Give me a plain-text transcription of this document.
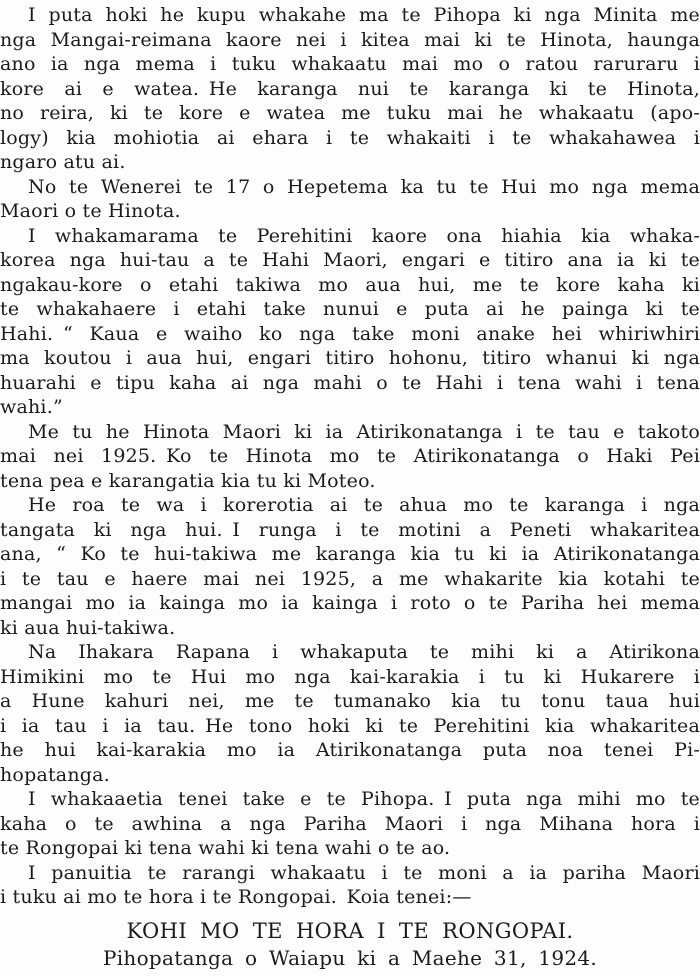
I puta hoki he kupu whakahe ma te Pihopa ki nga Minita me
nga Mangai-reimana kaore nei i kitea mai ki te Hinota, haunga
ano ia nga mema i tuku whakaatu mai mo o ratou raruraru i
kore ai e watea. He karanga nui te karanga ki te Hinota,
no reira, ki te kore e watea me tuku mai he whakaatu (apo-
logy) kia mohiotia ai ehara i te whakaiti i te whakahawea i
ngaro atu ai.

No te Wenerei te 17 o Hepetema ka tu te Hui mo nga mema
Maori o te Hinota.

I whakamarama te Perehitini kaore ona hiahia kia whaka-
korea nga hui-tau a te Hahi Maori, engari e titiro ana ia ki te
ngakau-kore o etahi takiwa mo aua hui, me te kore kaha ki
te whakahaere i etahi take nunui e puta ai he painga ki te
Hahi. “ Kaua e waiho ko nga take moni anake hei whiriwhiri
ma koutou i aua hui, engari titiro hohonu, titiro whanui ki nga
huarahi e tipu kaha ai nga mahi o te Hahi i tena wahi i tena
wahi.”

Me tu he Hinota Maori ki ia Atirikonatanga i te tau e takoto
mai nei 1925. Ko te Hinota mo te Atirikonatanga o Haki Pei
tena pea e karangatia kia tu ki Moteo.

He roa te wa i korerotia ai te ahua mo te karanga i nga
tangata ki nga hui. I runga i te motini a Peneti whakaritea
ana, “ Ko te hui-takiwa me karanga kia tu ki ia Atirikonatanga
i te tau e haere mai nei 1925, a me whakarite kia kotahi te
mangai mo ia kainga mo ia kainga i roto o te Pariha hei mema
ki aua hui-takiwa.

Na Ihakara Rapana i whakaputa te mihi ki a Atirikona
Himikini mo te Hui mo nga kai-karakia i tu ki Hukarere i
a Hune kahuri nei, me te tumanako kia tu tonu taua hui
i ia tau i ia tau. He tono hoki ki te Perehitini kia whakaritea
he hui kai-karakia mo ia Atirikonatanga puta noa tenei Pi-
hopatanga.

I whakaaetia tenei take e te Pihopa. I puta nga mihi mo te
kaha o te awhina a nga Pariha Maori i nga Mihana hora i
te Rongopai ki tena wahi ki tena wahi o te ao.

I panuitia te rarangi whakaatu i te moni a ia pariha Maori
i tuku ai mo te hora i te Rongopai. Koia tenei:—

KOHI MO TE HORA I TE RONGOPAI.
Pihopatanga o Waiapu ki a Maehe 31, 1924.
